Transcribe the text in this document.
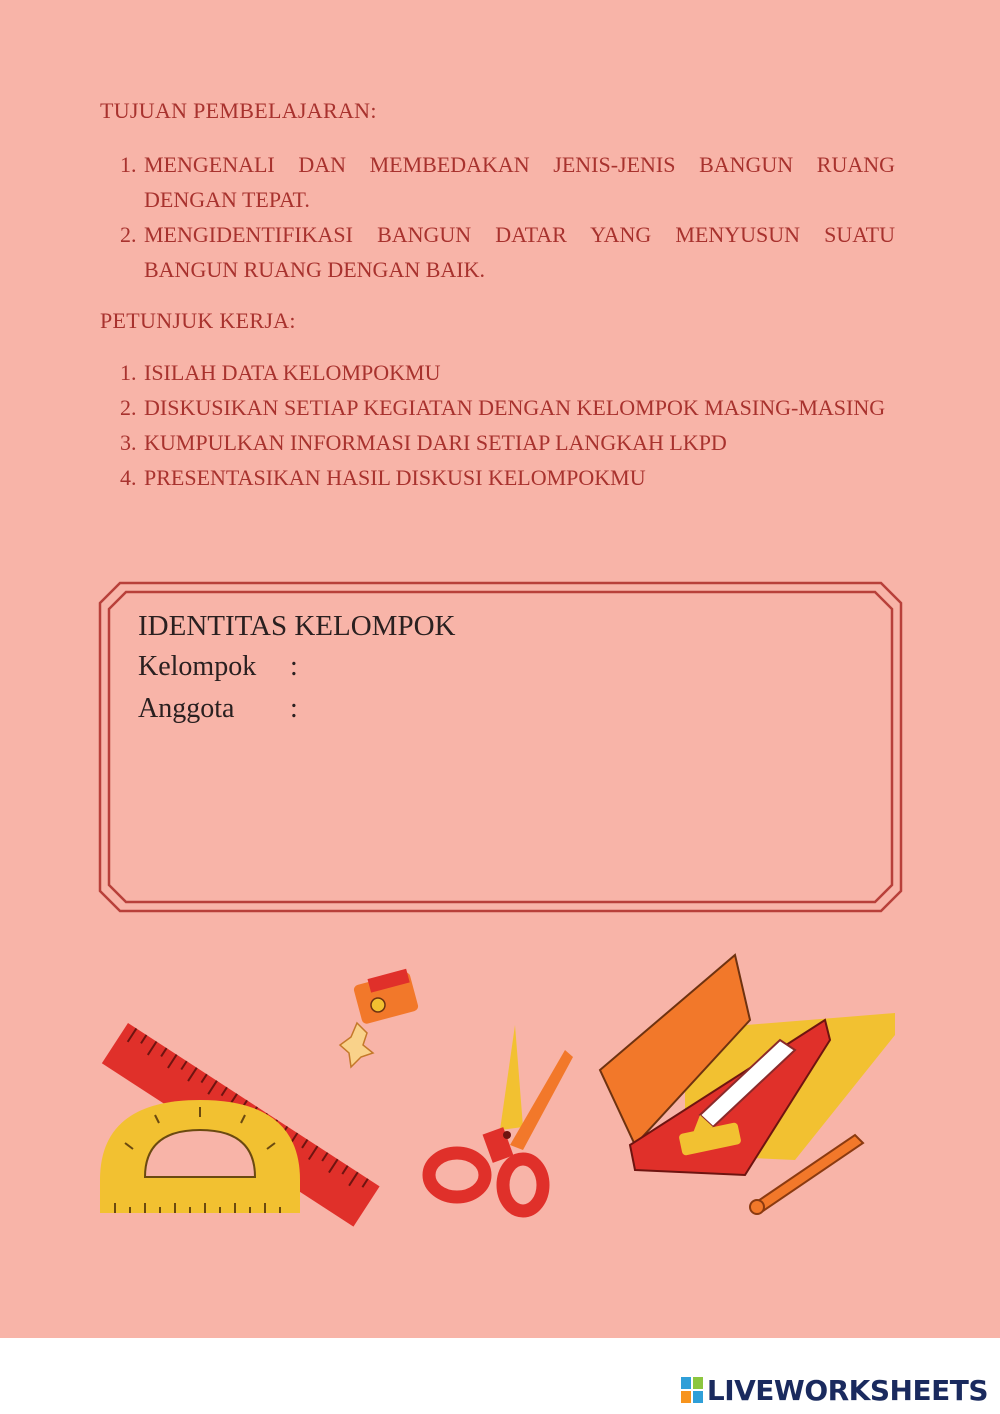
TUJUAN PEMBELAJARAN:
1. MENGENALI DAN MEMBEDAKAN JENIS-JENIS BANGUN RUANG DENGAN TEPAT.
2. MENGIDENTIFIKASI BANGUN DATAR YANG MENYUSUN SUATU BANGUN RUANG DENGAN BAIK.
PETUNJUK KERJA:
1. ISILAH DATA KELOMPOKMU
2. DISKUSIKAN SETIAP KEGIATAN DENGAN KELOMPOK MASING-MASING
3. KUMPULKAN INFORMASI DARI SETIAP LANGKAH LKPD
4. PRESENTASIKAN HASIL DISKUSI KELOMPOKMU
IDENTITAS KELOMPOK
Kelompok :
Anggota :
LIVEWORKSHEETS
